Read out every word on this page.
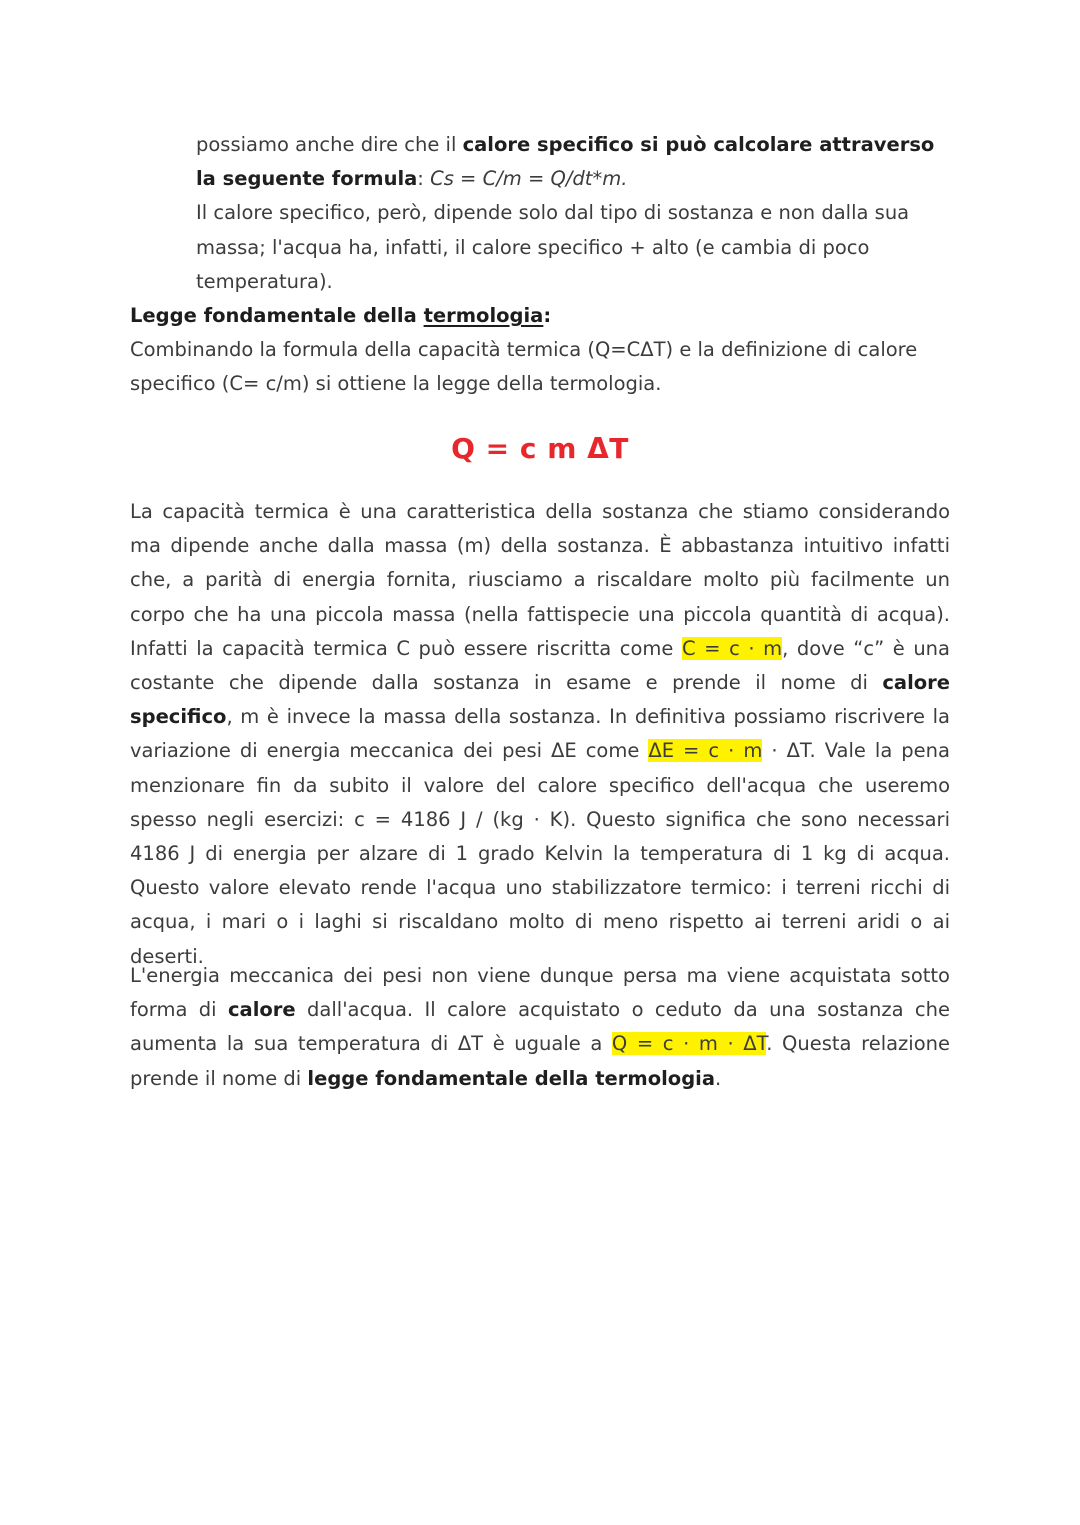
possiamo anche dire che il calore specifico si può calcolare attraverso la seguente formula: Cs = C/m = Q/dt*m.
Il calore specifico, però, dipende solo dal tipo di sostanza e non dalla sua massa; l'acqua ha, infatti, il calore specifico + alto (e cambia di poco temperatura).
Legge fondamentale della termologia:
Combinando la formula della capacità termica (Q=CΔT) e la definizione di calore specifico (C= c/m) si ottiene la legge della termologia.
Q = c m ΔT
La capacità termica è una caratteristica della sostanza che stiamo considerando ma dipende anche dalla massa (m) della sostanza. È abbastanza intuitivo infatti che, a parità di energia fornita, riusciamo a riscaldare molto più facilmente un corpo che ha una piccola massa (nella fattispecie una piccola quantità di acqua). Infatti la capacità termica C può essere riscritta come C = c · m, dove “c” è una costante che dipende dalla sostanza in esame e prende il nome di calore specifico, m è invece la massa della sostanza. In definitiva possiamo riscrivere la variazione di energia meccanica dei pesi ΔE come ΔE = c · m · ΔT. Vale la pena menzionare fin da subito il valore del calore specifico dell'acqua che useremo spesso negli esercizi: c = 4186 J / (kg · K). Questo significa che sono necessari 4186 J di energia per alzare di 1 grado Kelvin la temperatura di 1 kg di acqua. Questo valore elevato rende l'acqua uno stabilizzatore termico: i terreni ricchi di acqua, i mari o i laghi si riscaldano molto di meno rispetto ai terreni aridi o ai deserti.
L'energia meccanica dei pesi non viene dunque persa ma viene acquistata sotto forma di calore dall'acqua. Il calore acquistato o ceduto da una sostanza che aumenta la sua temperatura di ΔT è uguale a Q = c · m · ΔT. Questa relazione prende il nome di legge fondamentale della termologia.
